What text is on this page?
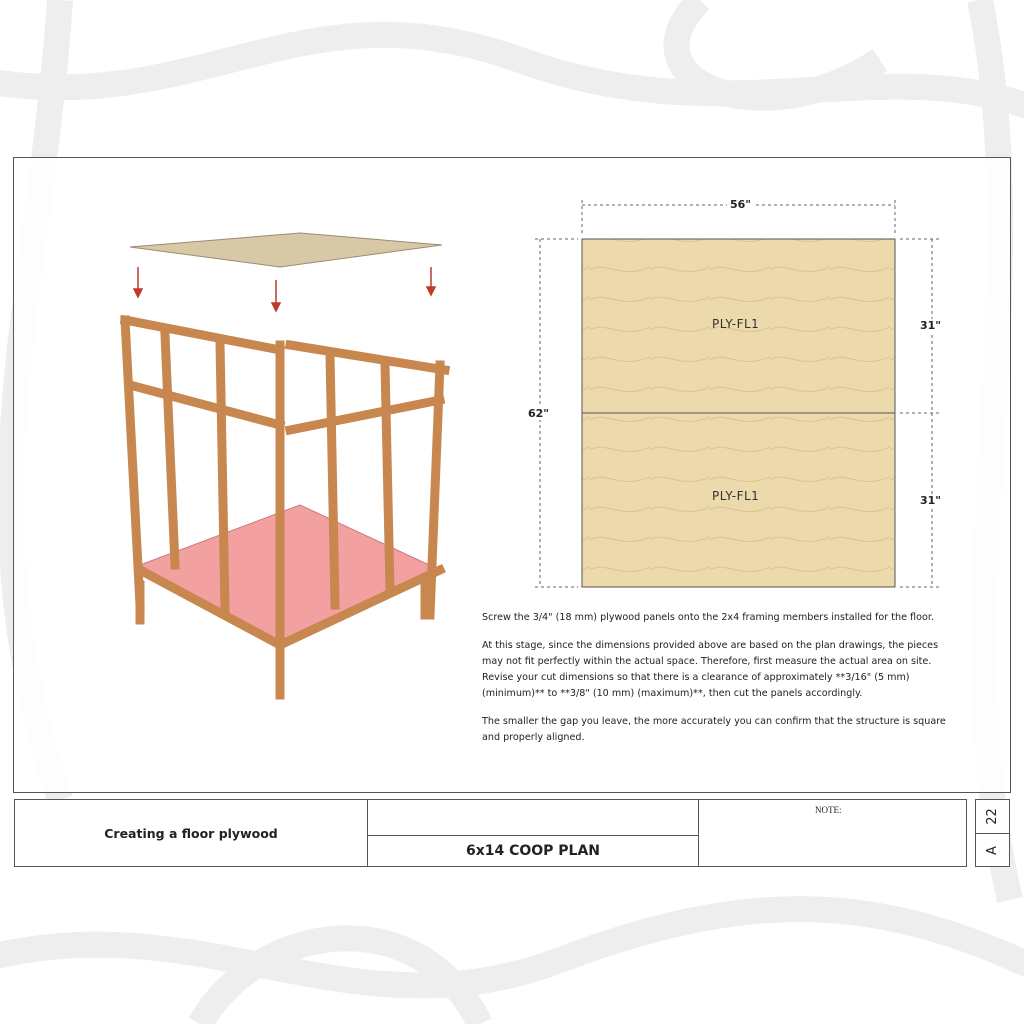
56"
62"
31"
31"
PLY-FL1
PLY-FL1

Screw the 3/4" (18 mm) plywood panels onto the 2x4 framing members installed for the floor.

At this stage, since the dimensions provided above are based on the plan drawings, the pieces may not fit perfectly within the actual space. Therefore, first measure the actual area on site. Revise your cut dimensions so that there is a clearance of approximately **3/16" (5 mm) (minimum)** to **3/8" (10 mm) (maximum)**, then cut the panels accordingly.

The smaller the gap you leave, the more accurately you can confirm that the structure is square and properly aligned.

Creating a floor plywood
6x14 COOP PLAN
NOTE:	22
A
